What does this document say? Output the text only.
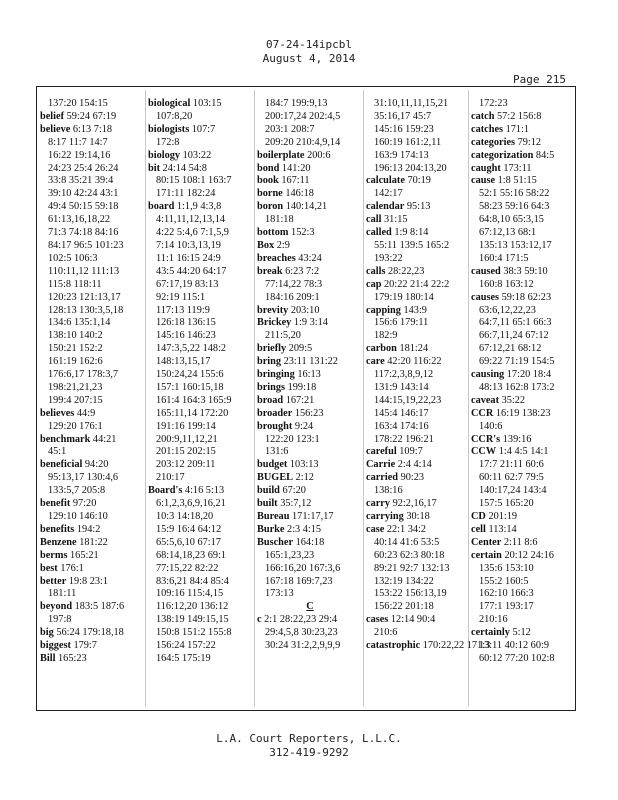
07-24-14ipcbl
August 4, 2014
Page 215
137:20 154:15
belief 59:24 67:19
believe 6:13 7:18
8:17 11:7 14:7
16:22 19:14,16
24:23 25:4 26:24
33:8 35:21 39:4
39:10 42:24 43:1
49:4 50:15 59:18
61:13,16,18,22
71:3 74:18 84:16
84:17 96:5 101:23
102:5 106:3
110:11,12 111:13
115:8 118:11
120:23 121:13,17
128:13 130:3,5,18
134:6 135:1,14
138:10 140:2
150:21 152:2
161:19 162:6
176:6,17 178:3,7
198:21,21,23
199:4 207:15
believes 44:9
129:20 176:1
benchmark 44:21
45:1
beneficial 94:20
95:13,17 130:4,6
133:5,7 205:8
benefit 97:20
129:10 146:10
benefits 194:2
Benzene 181:22
berms 165:21
best 176:1
better 19:8 23:1
181:11
beyond 183:5 187:6
197:8
big 56:24 179:18,18
biggest 179:7
Bill 165:23
biological 103:15
107:8,20
biologists 107:7
172:8
biology 103:22
bit 24:14 54:8
80:15 108:1 163:7
171:11 182:24
board 1:1,9 4:3,8
4:11,11,12,13,14
4:22 5:4,6 7:1,5,9
7:14 10:3,13,19
11:1 16:15 24:9
43:5 44:20 64:17
67:17,19 83:13
92:19 115:1
117:13 119:9
126:18 136:15
145:16 146:23
147:3,5,22 148:2
148:13,15,17
150:24,24 155:6
157:1 160:15,18
161:4 164:3 165:9
165:11,14 172:20
191:16 199:14
200:9,11,12,21
201:15 202:15
203:12 209:11
210:17
Board's 4:16 5:13
6:1,2,3,6,9,16,21
10:3 14:18,20
15:9 16:4 64:12
65:5,6,10 67:17
68:14,18,23 69:1
77:15,22 82:22
83:6,21 84:4 85:4
109:16 115:4,15
116:12,20 136:12
138:19 149:15,15
150:8 151:2 155:8
156:24 157:22
164:5 175:19
184:7 199:9,13
200:17,24 202:4,5
203:1 208:7
209:20 210:4,9,14
boilerplate 200:6
bond 141:20
book 167:11
borne 146:18
boron 140:14,21
181:18
bottom 152:3
Box 2:9
breaches 43:24
break 6:23 7:2
77:14,22 78:3
184:16 209:1
brevity 203:10
Brickey 1:9 3:14
211:5,20
briefly 209:5
bring 23:11 131:22
bringing 16:13
brings 199:18
broad 167:21
broader 156:23
brought 9:24
122:20 123:1
131:6
budget 103:13
BUGEL 2:12
build 67:20
built 35:7,12
Bureau 171:17,17
Burke 2:3 4:15
Buscher 164:18
165:1,23,23
166:16,20 167:3,6
167:18 169:7,23
173:13
C
c 2:1 28:22,23 29:4
29:4,5,8 30:23,23
30:24 31:2,2,9,9,9
31:10,11,11,15,21
35:16,17 45:7
145:16 159:23
160:19 161:2,11
163:9 174:13
196:13 204:13,20
calculate 70:19
142:17
calendar 95:13
call 31:15
called 1:9 8:14
55:11 139:5 165:2
193:22
calls 28:22,23
cap 20:22 21:4 22:2
179:19 180:14
capping 143:9
156:6 179:11
182:9
carbon 181:24
care 42:20 116:22
117:2,3,8,9,12
131:9 143:14
144:15,19,22,23
145:4 146:17
163:4 174:16
178:22 196:21
careful 109:7
Carrie 2:4 4:14
carried 90:23
138:16
carry 92:2,16,17
carrying 30:18
case 22:1 34:2
40:14 41:6 53:5
60:23 62:3 80:18
89:21 92:7 132:13
132:19 134:22
153:22 156:13,19
156:22 201:18
cases 12:14 90:4
210:6
catastrophic 170:22,22 171:3
172:23
catch 57:2 156:8
catches 171:1
categories 79:12
categorization 84:5
caught 173:11
cause 1:8 51:15
52:1 55:16 58:22
58:23 59:16 64:3
64:8,10 65:3,15
67:12,13 68:1
135:13 153:12,17
160:4 171:5
caused 38:3 59:10
160:8 163:12
causes 59:18 62:23
63:6,12,22,23
64:7,11 65:1 66:3
66:7,11,24 67:12
67:12,21 68:12
69:22 71:19 154:5
causing 17:20 18:4
48:13 162:8 173:2
caveat 35:22
CCR 16:19 138:23
140:6
CCR's 139:16
CCW 1:4 4:5 14:1
17:7 21:11 60:6
60:11 62:7 79:5
140:17,24 143:4
157:5 165:20
CD 201:19
cell 113:14
Center 2:11 8:6
certain 20:12 24:16
135:6 153:10
155:2 160:5
162:10 166:3
177:1 193:17
210:16
certainly 5:12
13:11 40:12 60:9
60:12 77:20 102:8
L.A. Court Reporters, L.L.C.
312-419-9292
